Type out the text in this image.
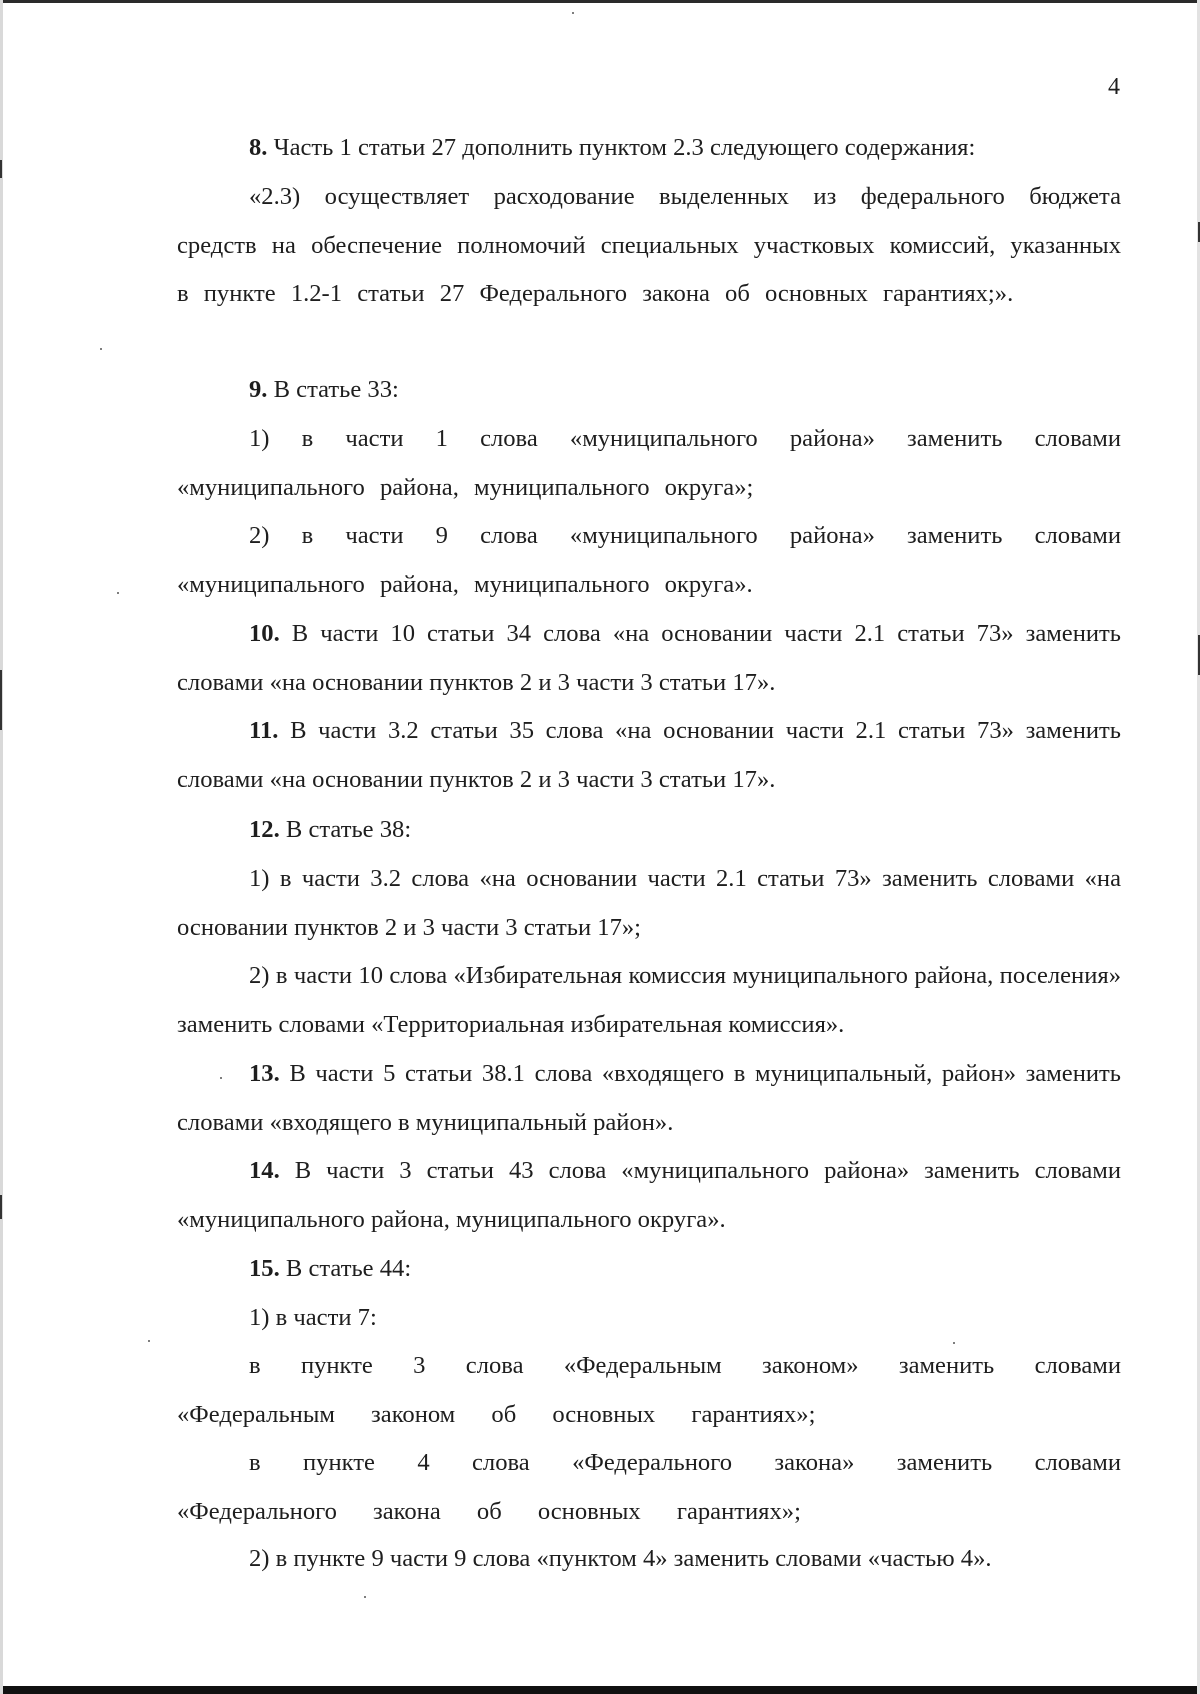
4
8. Часть 1 статьи 27 дополнить пунктом 2.3 следующего содержания:
«2.3) осуществляет расходование выделенных из федерального бюджета средств на обеспечение полномочий специальных участковых комиссий, указанных в пункте 1.2-1 статьи 27 Федерального закона об основных гарантиях;».
9. В статье 33:
1) в части 1 слова «муниципального района» заменить словами «муниципального района, муниципального округа»;
2) в части 9 слова «муниципального района» заменить словами «муниципального района, муниципального округа».
10. В части 10 статьи 34 слова «на основании части 2.1 статьи 73» заменить словами «на основании пунктов 2 и 3 части 3 статьи 17».
11. В части 3.2 статьи 35 слова «на основании части 2.1 статьи 73» заменить словами «на основании пунктов 2 и 3 части 3 статьи 17».
12. В статье 38:
1) в части 3.2 слова «на основании части 2.1 статьи 73» заменить словами «на основании пунктов 2 и 3 части 3 статьи 17»;
2) в части 10 слова «Избирательная комиссия муниципального района, поселения» заменить словами «Территориальная избирательная комиссия».
13. В части 5 статьи 38.1 слова «входящего в муниципальный, район» заменить словами «входящего в муниципальный район».
14. В части 3 статьи 43 слова «муниципального района» заменить словами «муниципального района, муниципального округа».
15. В статье 44:
1) в части 7:
в пункте 3 слова «Федеральным законом» заменить словами «Федеральным законом об основных гарантиях»;
в пункте 4 слова «Федерального закона» заменить словами «Федерального закона об основных гарантиях»;
2) в пункте 9 части 9 слова «пунктом 4» заменить словами «частью 4».
